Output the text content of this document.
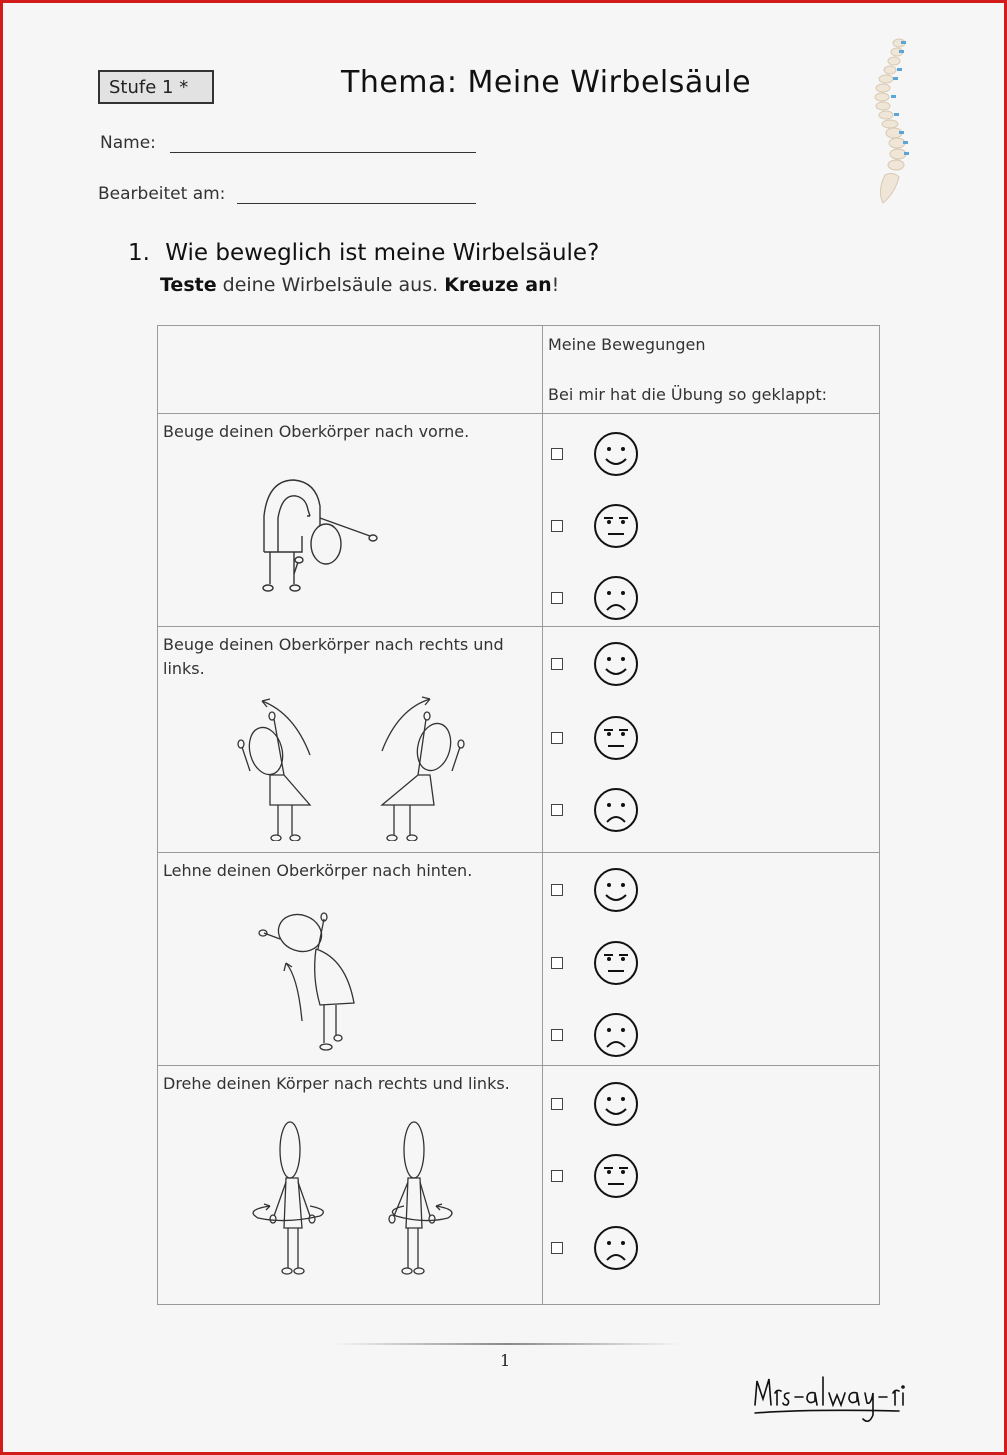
Stufe 1 *	Thema: Meine Wirbelsäule
Name:
Bearbeitet am:
1. Wie beweglich ist meine Wirbelsäule?
Teste deine Wirbelsäule aus. Kreuze an!

	Meine Bewegungen
Bei mir hat die Übung so geklappt:

Beuge deinen Oberkörper nach vorne.

Beuge deinen Oberkörper nach rechts und links.

Lehne deinen Oberkörper nach hinten.

Drehe deinen Körper nach rechts und links.

1
